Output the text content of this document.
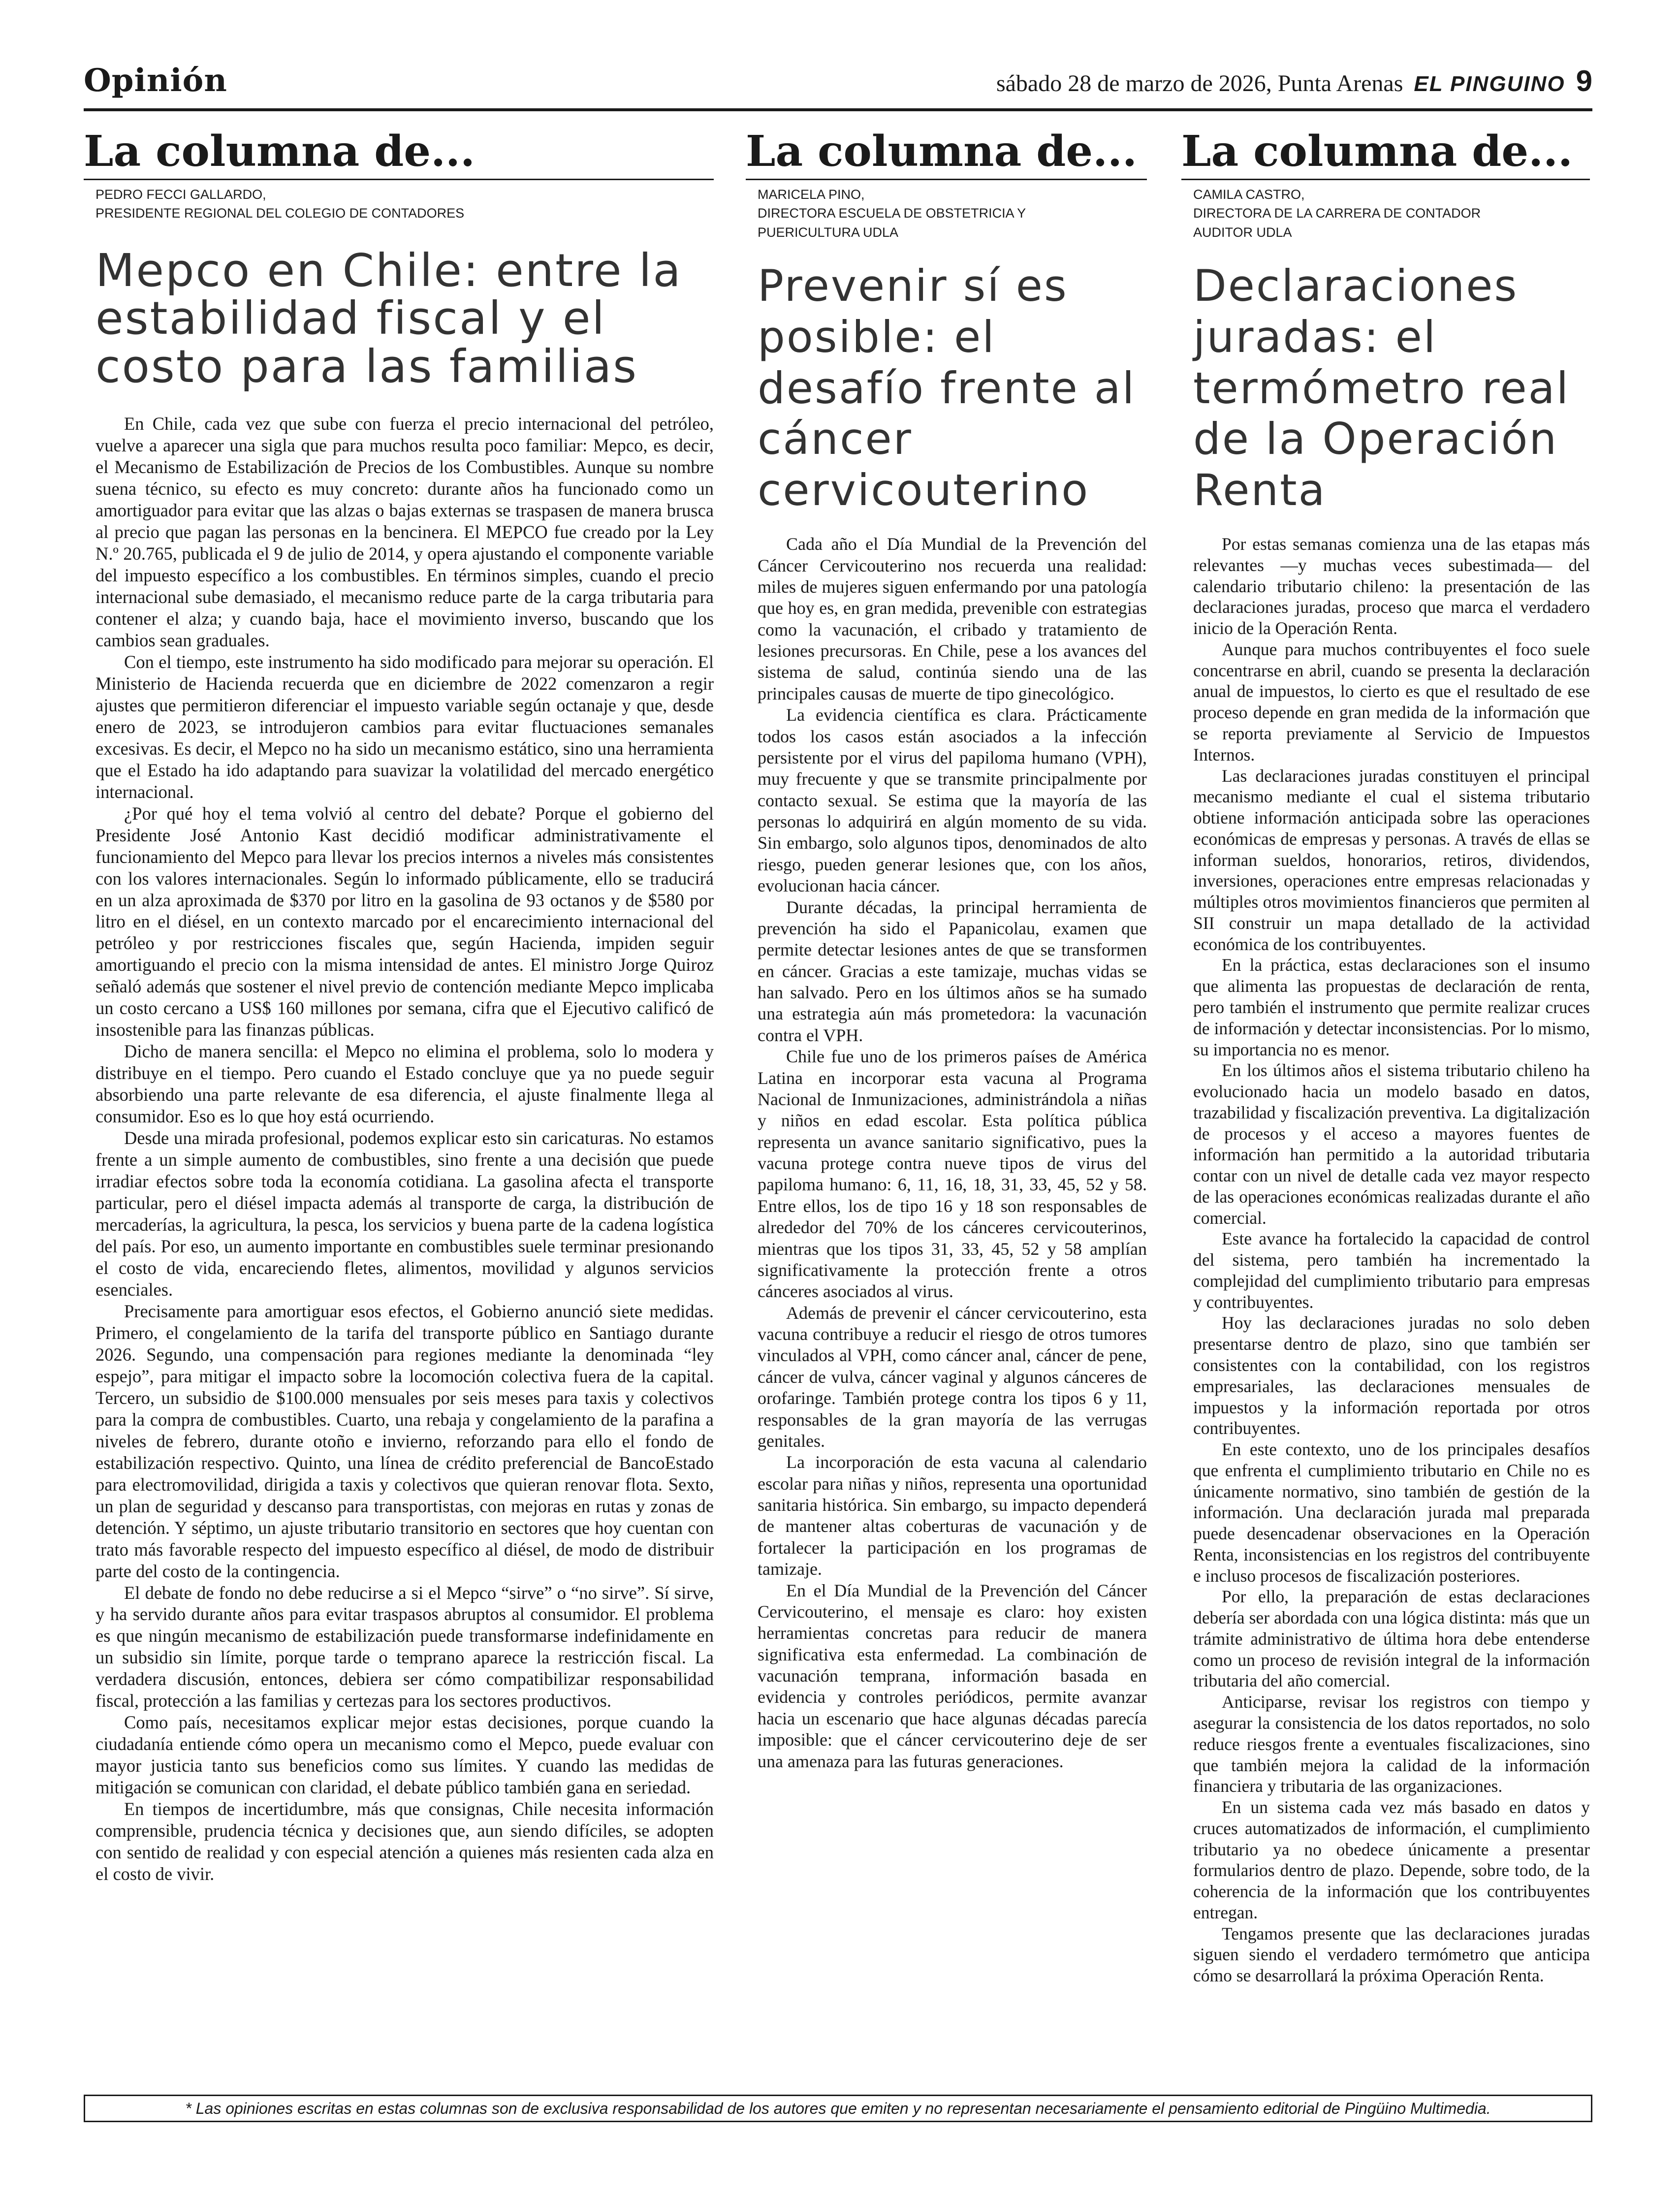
Opinión	sábado 28 de marzo de 2026, Punta Arenas EL PINGUINO 9
La columna de...
PEDRO FECCI GALLARDO,
PRESIDENTE REGIONAL DEL COLEGIO DE CONTADORES
Mepco en Chile: entre la estabilidad fiscal y el costo para las familias

En Chile, cada vez que sube con fuerza el precio internacional del petróleo, vuelve a aparecer una sigla que para muchos resulta poco familiar: Mepco, es decir, el Mecanismo de Estabilización de Precios de los Combustibles. Aunque su nombre suena técnico, su efecto es muy concreto: durante años ha funcionado como un amortiguador para evitar que las alzas o bajas externas se traspasen de manera brusca al precio que pagan las personas en la bencinera. El MEPCO fue creado por la Ley N.º 20.765, publicada el 9 de julio de 2014, y opera ajustando el componente variable del impuesto específico a los combustibles. En términos simples, cuando el precio internacional sube demasiado, el mecanismo reduce parte de la carga tributaria para contener el alza; y cuando baja, hace el movimiento inverso, buscando que los cambios sean graduales.

Con el tiempo, este instrumento ha sido modificado para mejorar su operación. El Ministerio de Hacienda recuerda que en diciembre de 2022 comenzaron a regir ajustes que permitieron diferenciar el impuesto variable según octanaje y que, desde enero de 2023, se introdujeron cambios para evitar fluctuaciones semanales excesivas. Es decir, el Mepco no ha sido un mecanismo estático, sino una herramienta que el Estado ha ido adaptando para suavizar la volatilidad del mercado energético internacional.

¿Por qué hoy el tema volvió al centro del debate? Porque el gobierno del Presidente José Antonio Kast decidió modificar administrativamente el funcionamiento del Mepco para llevar los precios internos a niveles más consistentes con los valores internacionales. Según lo informado públicamente, ello se traducirá en un alza aproximada de $370 por litro en la gasolina de 93 octanos y de $580 por litro en el diésel, en un contexto marcado por el encarecimiento internacional del petróleo y por restricciones fiscales que, según Hacienda, impiden seguir amortiguando el precio con la misma intensidad de antes. El ministro Jorge Quiroz señaló además que sostener el nivel previo de contención mediante Mepco implicaba un costo cercano a US$ 160 millones por semana, cifra que el Ejecutivo calificó de insostenible para las finanzas públicas.

Dicho de manera sencilla: el Mepco no elimina el problema, solo lo modera y distribuye en el tiempo. Pero cuando el Estado concluye que ya no puede seguir absorbiendo una parte relevante de esa diferencia, el ajuste finalmente llega al consumidor. Eso es lo que hoy está ocurriendo.

Desde una mirada profesional, podemos explicar esto sin caricaturas. No estamos frente a un simple aumento de combustibles, sino frente a una decisión que puede irradiar efectos sobre toda la economía cotidiana. La gasolina afecta el transporte particular, pero el diésel impacta además al transporte de carga, la distribución de mercaderías, la agricultura, la pesca, los servicios y buena parte de la cadena logística del país. Por eso, un aumento importante en combustibles suele terminar presionando el costo de vida, encareciendo fletes, alimentos, movilidad y algunos servicios esenciales.

Precisamente para amortiguar esos efectos, el Gobierno anunció siete medidas. Primero, el congelamiento de la tarifa del transporte público en Santiago durante 2026. Segundo, una compensación para regiones mediante la denominada “ley espejo”, para mitigar el impacto sobre la locomoción colectiva fuera de la capital. Tercero, un subsidio de $100.000 mensuales por seis meses para taxis y colectivos para la compra de combustibles. Cuarto, una rebaja y congelamiento de la parafina a niveles de febrero, durante otoño e invierno, reforzando para ello el fondo de estabilización respectivo. Quinto, una línea de crédito preferencial de BancoEstado para electromovilidad, dirigida a taxis y colectivos que quieran renovar flota. Sexto, un plan de seguridad y descanso para transportistas, con mejoras en rutas y zonas de detención. Y séptimo, un ajuste tributario transitorio en sectores que hoy cuentan con trato más favorable respecto del impuesto específico al diésel, de modo de distribuir parte del costo de la contingencia.

El debate de fondo no debe reducirse a si el Mepco “sirve” o “no sirve”. Sí sirve, y ha servido durante años para evitar traspasos abruptos al consumidor. El problema es que ningún mecanismo de estabilización puede transformarse indefinidamente en un subsidio sin límite, porque tarde o temprano aparece la restricción fiscal. La verdadera discusión, entonces, debiera ser cómo compatibilizar responsabilidad fiscal, protección a las familias y certezas para los sectores productivos.

Como país, necesitamos explicar mejor estas decisiones, porque cuando la ciudadanía entiende cómo opera un mecanismo como el Mepco, puede evaluar con mayor justicia tanto sus beneficios como sus límites. Y cuando las medidas de mitigación se comunican con claridad, el debate público también gana en seriedad.

En tiempos de incertidumbre, más que consignas, Chile necesita información comprensible, prudencia técnica y decisiones que, aun siendo difíciles, se adopten con sentido de realidad y con especial atención a quienes más resienten cada alza en el costo de vivir.

La columna de...
MARICELA PINO,
DIRECTORA ESCUELA DE OBSTETRICIA Y
PUERICULTURA UDLA
Prevenir sí es posible: el desafío frente al cáncer cervicouterino

Cada año el Día Mundial de la Prevención del Cáncer Cervicouterino nos recuerda una realidad: miles de mujeres siguen enfermando por una patología que hoy es, en gran medida, prevenible con estrategias como la vacunación, el cribado y tratamiento de lesiones precursoras. En Chile, pese a los avances del sistema de salud, continúa siendo una de las principales causas de muerte de tipo ginecológico.

La evidencia científica es clara. Prácticamente todos los casos están asociados a la infección persistente por el virus del papiloma humano (VPH), muy frecuente y que se transmite principalmente por contacto sexual. Se estima que la mayoría de las personas lo adquirirá en algún momento de su vida. Sin embargo, solo algunos tipos, denominados de alto riesgo, pueden generar lesiones que, con los años, evolucionan hacia cáncer.

Durante décadas, la principal herramienta de prevención ha sido el Papanicolau, examen que permite detectar lesiones antes de que se transformen en cáncer. Gracias a este tamizaje, muchas vidas se han salvado. Pero en los últimos años se ha sumado una estrategia aún más prometedora: la vacunación contra el VPH.

Chile fue uno de los primeros países de América Latina en incorporar esta vacuna al Programa Nacional de Inmunizaciones, administrándola a niñas y niños en edad escolar. Esta política pública representa un avance sanitario significativo, pues la vacuna protege contra nueve tipos de virus del papiloma humano: 6, 11, 16, 18, 31, 33, 45, 52 y 58. Entre ellos, los de tipo 16 y 18 son responsables de alrededor del 70% de los cánceres cervicouterinos, mientras que los tipos 31, 33, 45, 52 y 58 amplían significativamente la protección frente a otros cánceres asociados al virus.

Además de prevenir el cáncer cervicouterino, esta vacuna contribuye a reducir el riesgo de otros tumores vinculados al VPH, como cáncer anal, cáncer de pene, cáncer de vulva, cáncer vaginal y algunos cánceres de orofaringe. También protege contra los tipos 6 y 11, responsables de la gran mayoría de las verrugas genitales.

La incorporación de esta vacuna al calendario escolar para niñas y niños, representa una oportunidad sanitaria histórica. Sin embargo, su impacto dependerá de mantener altas coberturas de vacunación y de fortalecer la participación en los programas de tamizaje.

En el Día Mundial de la Prevención del Cáncer Cervicouterino, el mensaje es claro: hoy existen herramientas concretas para reducir de manera significativa esta enfermedad. La combinación de vacunación temprana, información basada en evidencia y controles periódicos, permite avanzar hacia un escenario que hace algunas décadas parecía imposible: que el cáncer cervicouterino deje de ser una amenaza para las futuras generaciones.

La columna de...
CAMILA CASTRO,
DIRECTORA DE LA CARRERA DE CONTADOR
AUDITOR UDLA
Declaraciones juradas: el termómetro real de la Operación Renta

Por estas semanas comienza una de las etapas más relevantes —y muchas veces subestimada— del calendario tributario chileno: la presentación de las declaraciones juradas, proceso que marca el verdadero inicio de la Operación Renta.

Aunque para muchos contribuyentes el foco suele concentrarse en abril, cuando se presenta la declaración anual de impuestos, lo cierto es que el resultado de ese proceso depende en gran medida de la información que se reporta previamente al Servicio de Impuestos Internos.

Las declaraciones juradas constituyen el principal mecanismo mediante el cual el sistema tributario obtiene información anticipada sobre las operaciones económicas de empresas y personas. A través de ellas se informan sueldos, honorarios, retiros, dividendos, inversiones, operaciones entre empresas relacionadas y múltiples otros movimientos financieros que permiten al SII construir un mapa detallado de la actividad económica de los contribuyentes.

En la práctica, estas declaraciones son el insumo que alimenta las propuestas de declaración de renta, pero también el instrumento que permite realizar cruces de información y detectar inconsistencias. Por lo mismo, su importancia no es menor.

En los últimos años el sistema tributario chileno ha evolucionado hacia un modelo basado en datos, trazabilidad y fiscalización preventiva. La digitalización de procesos y el acceso a mayores fuentes de información han permitido a la autoridad tributaria contar con un nivel de detalle cada vez mayor respecto de las operaciones económicas realizadas durante el año comercial.

Este avance ha fortalecido la capacidad de control del sistema, pero también ha incrementado la complejidad del cumplimiento tributario para empresas y contribuyentes.

Hoy las declaraciones juradas no solo deben presentarse dentro de plazo, sino que también ser consistentes con la contabilidad, con los registros empresariales, las declaraciones mensuales de impuestos y la información reportada por otros contribuyentes.

En este contexto, uno de los principales desafíos que enfrenta el cumplimiento tributario en Chile no es únicamente normativo, sino también de gestión de la información. Una declaración jurada mal preparada puede desencadenar observaciones en la Operación Renta, inconsistencias en los registros del contribuyente e incluso procesos de fiscalización posteriores.

Por ello, la preparación de estas declaraciones debería ser abordada con una lógica distinta: más que un trámite administrativo de última hora debe entenderse como un proceso de revisión integral de la información tributaria del año comercial.

Anticiparse, revisar los registros con tiempo y asegurar la consistencia de los datos reportados, no solo reduce riesgos frente a eventuales fiscalizaciones, sino que también mejora la calidad de la información financiera y tributaria de las organizaciones.

En un sistema cada vez más basado en datos y cruces automatizados de información, el cumplimiento tributario ya no obedece únicamente a presentar formularios dentro de plazo. Depende, sobre todo, de la coherencia de la información que los contribuyentes entregan.

Tengamos presente que las declaraciones juradas siguen siendo el verdadero termómetro que anticipa cómo se desarrollará la próxima Operación Renta.

* Las opiniones escritas en estas columnas son de exclusiva responsabilidad de los autores que emiten y no representan necesariamente el pensamiento editorial de Pingüino Multimedia.
